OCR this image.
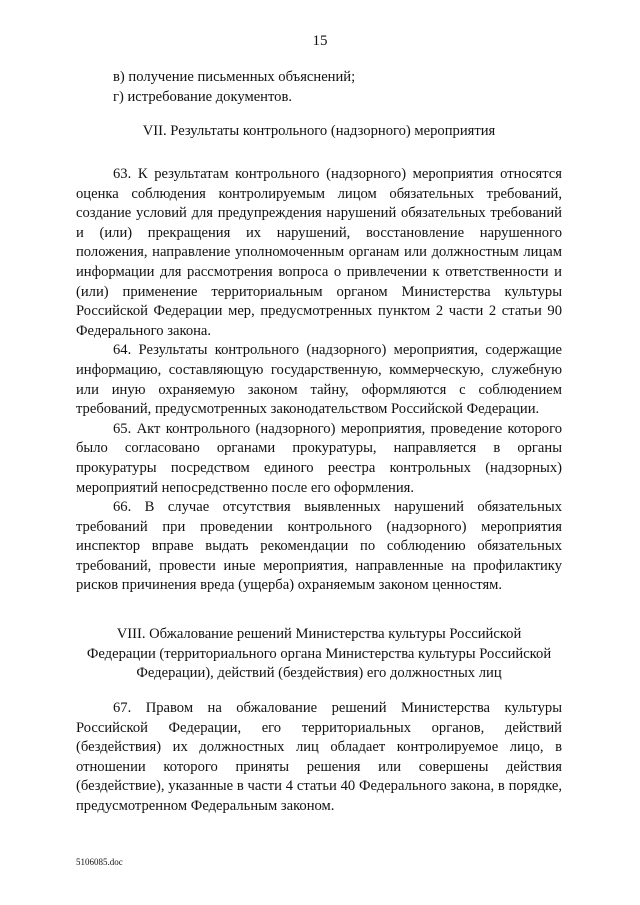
15

в) получение письменных объяснений;

г) истребование документов.

VII. Результаты контрольного (надзорного) мероприятия

63. К результатам контрольного (надзорного) мероприятия относятся оценка соблюдения контролируемым лицом обязательных требований, создание условий для предупреждения нарушений обязательных требований и (или) прекращения их нарушений, восстановление нарушенного положения, направление уполномоченным органам или должностным лицам информации для рассмотрения вопроса о привлечении к ответственности и (или) применение территориальным органом Министерства культуры Российской Федерации мер, предусмотренных пунктом 2 части 2 статьи 90 Федерального закона.

64. Результаты контрольного (надзорного) мероприятия, содержащие информацию, составляющую государственную, коммерческую, служебную или иную охраняемую законом тайну, оформляются с соблюдением требований, предусмотренных законодательством Российской Федерации.

65. Акт контрольного (надзорного) мероприятия, проведение которого было согласовано органами прокуратуры, направляется в органы прокуратуры посредством единого реестра контрольных (надзорных) мероприятий непосредственно после его оформления.

66. В случае отсутствия выявленных нарушений обязательных требований при проведении контрольного (надзорного) мероприятия инспектор вправе выдать рекомендации по соблюдению обязательных требований, провести иные мероприятия, направленные на профилактику рисков причинения вреда (ущерба) охраняемым законом ценностям.

VIII. Обжалование решений Министерства культуры Российской

Федерации (территориального органа Министерства культуры Российской

Федерации), действий (бездействия) его должностных лиц

67. Правом на обжалование решений Министерства культуры Российской Федерации, его территориальных органов, действий (бездействия) их должностных лиц обладает контролируемое лицо, в отношении которого приняты решения или совершены действия (бездействие), указанные в части 4 статьи 40 Федерального закона, в порядке, предусмотренном Федеральным законом.

5106085.doc
